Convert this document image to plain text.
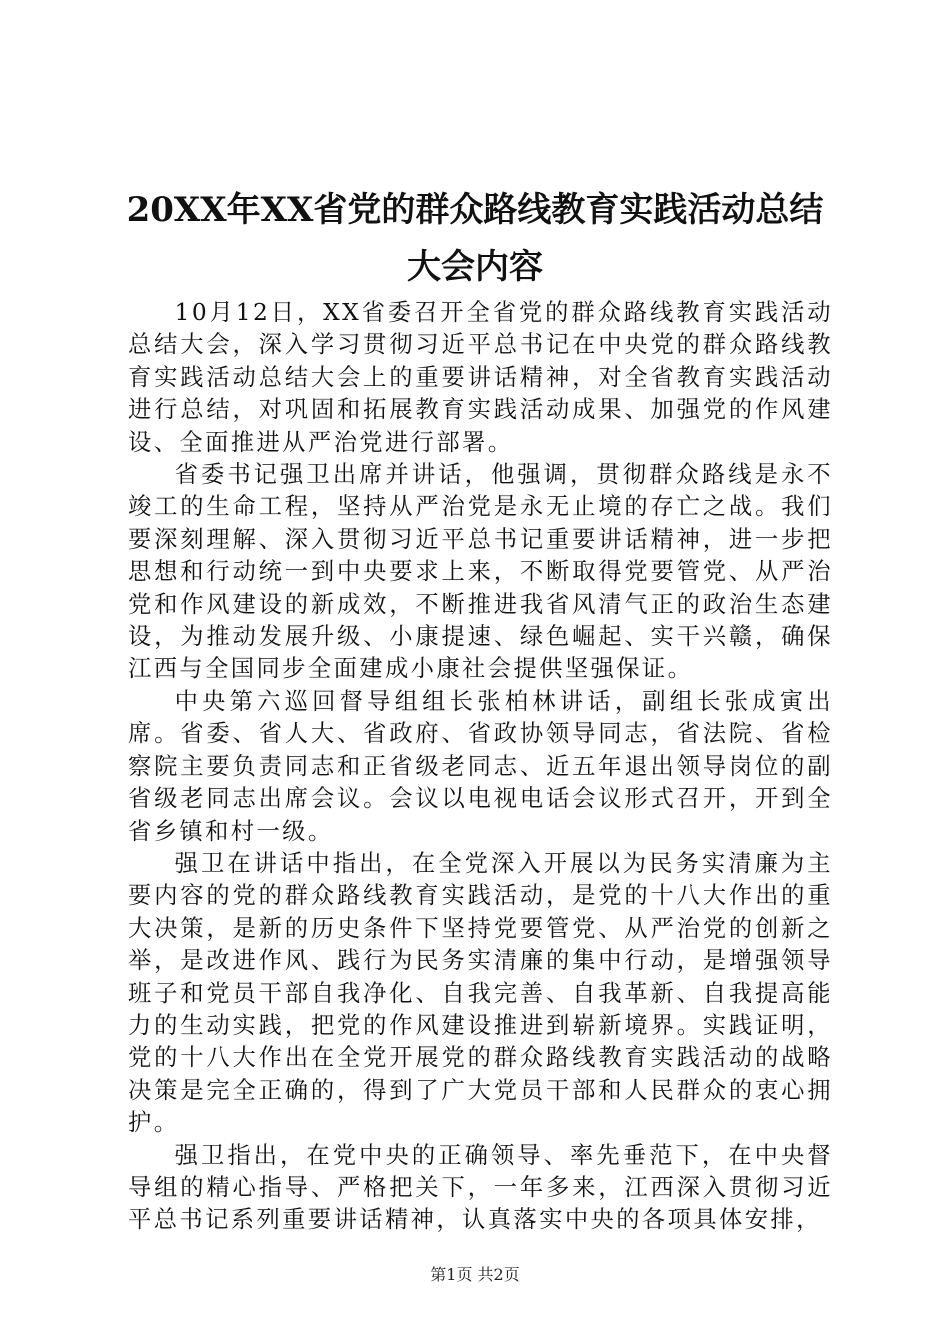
20XX年XX省党的群众路线教育实践活动总结
大会内容

10月12日，XX省委召开全省党的群众路线教育实践活动总结大会，深入学习贯彻习近平总书记在中央党的群众路线教育实践活动总结大会上的重要讲话精神，对全省教育实践活动进行总结，对巩固和拓展教育实践活动成果、加强党的作风建设、全面推进从严治党进行部署。

省委书记强卫出席并讲话，他强调，贯彻群众路线是永不竣工的生命工程，坚持从严治党是永无止境的存亡之战。我们要深刻理解、深入贯彻习近平总书记重要讲话精神，进一步把思想和行动统一到中央要求上来，不断取得党要管党、从严治党和作风建设的新成效，不断推进我省风清气正的政治生态建设，为推动发展升级、小康提速、绿色崛起、实干兴赣，确保江西与全国同步全面建成小康社会提供坚强保证。

中央第六巡回督导组组长张柏林讲话，副组长张成寅出席。省委、省人大、省政府、省政协领导同志，省法院、省检察院主要负责同志和正省级老同志、近五年退出领导岗位的副省级老同志出席会议。会议以电视电话会议形式召开，开到全省乡镇和村一级。

强卫在讲话中指出，在全党深入开展以为民务实清廉为主要内容的党的群众路线教育实践活动，是党的十八大作出的重大决策，是新的历史条件下坚持党要管党、从严治党的创新之举，是改进作风、践行为民务实清廉的集中行动，是增强领导班子和党员干部自我净化、自我完善、自我革新、自我提高能力的生动实践，把党的作风建设推进到崭新境界。实践证明，党的十八大作出在全党开展党的群众路线教育实践活动的战略决策是完全正确的，得到了广大党员干部和人民群众的衷心拥护。

强卫指出，在党中央的正确领导、率先垂范下，在中央督导组的精心指导、严格把关下，一年多来，江西深入贯彻习近平总书记系列重要讲话精神，认真落实中央的各项具体安排，

第1页 共2页
